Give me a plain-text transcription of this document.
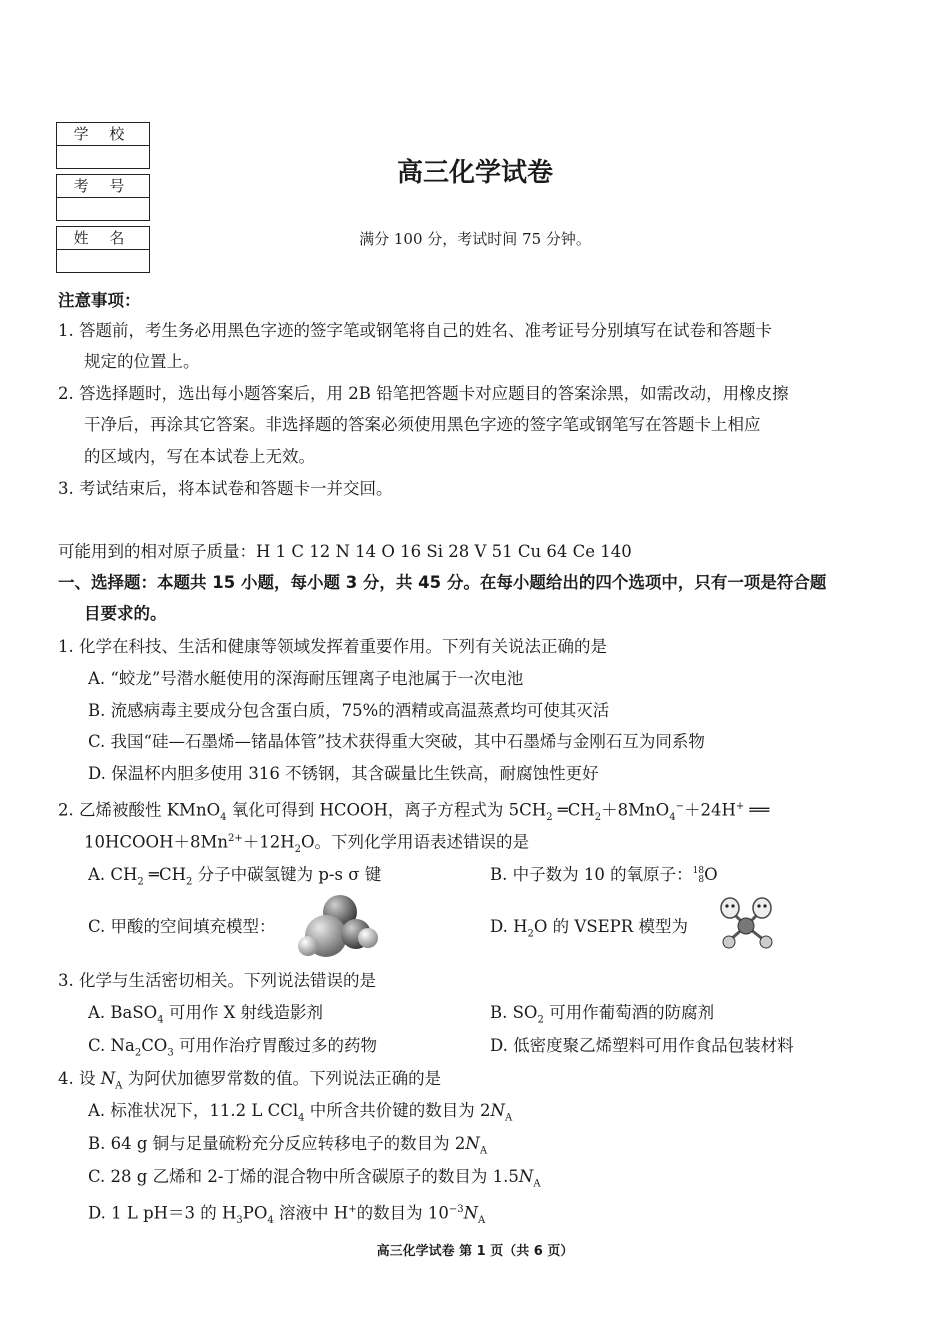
学 校
考 号
姓 名
高三化学试卷
满分 100 分，考试时间 75 分钟。
注意事项：
1. 答题前，考生务必用黑色字迹的签字笔或钢笔将自己的姓名、准考证号分别填写在试卷和答题卡
规定的位置上。
2. 答选择题时，选出每小题答案后，用 2B 铅笔把答题卡对应题目的答案涂黑，如需改动，用橡皮擦
干净后，再涂其它答案。非选择题的答案必须使用黑色字迹的签字笔或钢笔写在答题卡上相应
的区域内，写在本试卷上无效。
3. 考试结束后，将本试卷和答题卡一并交回。
可能用到的相对原子质量：H 1 C 12 N 14 O 16 Si 28 V 51 Cu 64 Ce 140
一、选择题：本题共 15 小题，每小题 3 分，共 45 分。在每小题给出的四个选项中，只有一项是符合题
目要求的。
1. 化学在科技、生活和健康等领域发挥着重要作用。下列有关说法正确的是
A. “蛟龙”号潜水艇使用的深海耐压锂离子电池属于一次电池
B. 流感病毒主要成分包含蛋白质，75%的酒精或高温蒸煮均可使其灭活
C. 我国“硅—石墨烯—锗晶体管”技术获得重大突破，其中石墨烯与金刚石互为同系物
D. 保温杯内胆多使用 316 不锈钢，其含碳量比生铁高，耐腐蚀性更好
2. 乙烯被酸性 KMnO$_4$ 氧化可得到 HCOOH，离子方程式为 $5CH_2$ $═CH_2+8MnO_4^-+24H^+$ ══
$10HCOOH+8Mn^{2+}+12H_2O$。下列化学用语表述错误的是
A. $CH_2$ $═CH_2$ 分子中碳氢键为 p-s σ 键	B. 中子数为 10 的氧原子：18
8O
C. 甲酸的空间填充模型：	D. $H_2O$ 的 VSEPR 模型为
3. 化学与生活密切相关。下列说法错误的是
A. BaSO$_4$ 可用作 X 射线造影剂	B. $SO_2$ 可用作葡萄酒的防腐剂
C. $Na_2CO_3$ 可用作治疗胃酸过多的药物	D. 低密度聚乙烯塑料可用作食品包装材料
4. 设 $N_A$ 为阿伏加德罗常数的值。下列说法正确的是
A. 标准状况下，11.2 L CCl$_4$ 中所含共价键的数目为 $2N_A$
B. 64 g 铜与足量硫粉充分反应转移电子的数目为 $2N_A$
C. 28 g 乙烯和 2-丁烯的混合物中所含碳原子的数目为 $1.5N_A$
D. 1 L pH＝3 的 $H_3PO_4$ 溶液中 H+的数目为 $10^{-3}N_A$
高三化学试卷 第 1 页（共 6 页）
